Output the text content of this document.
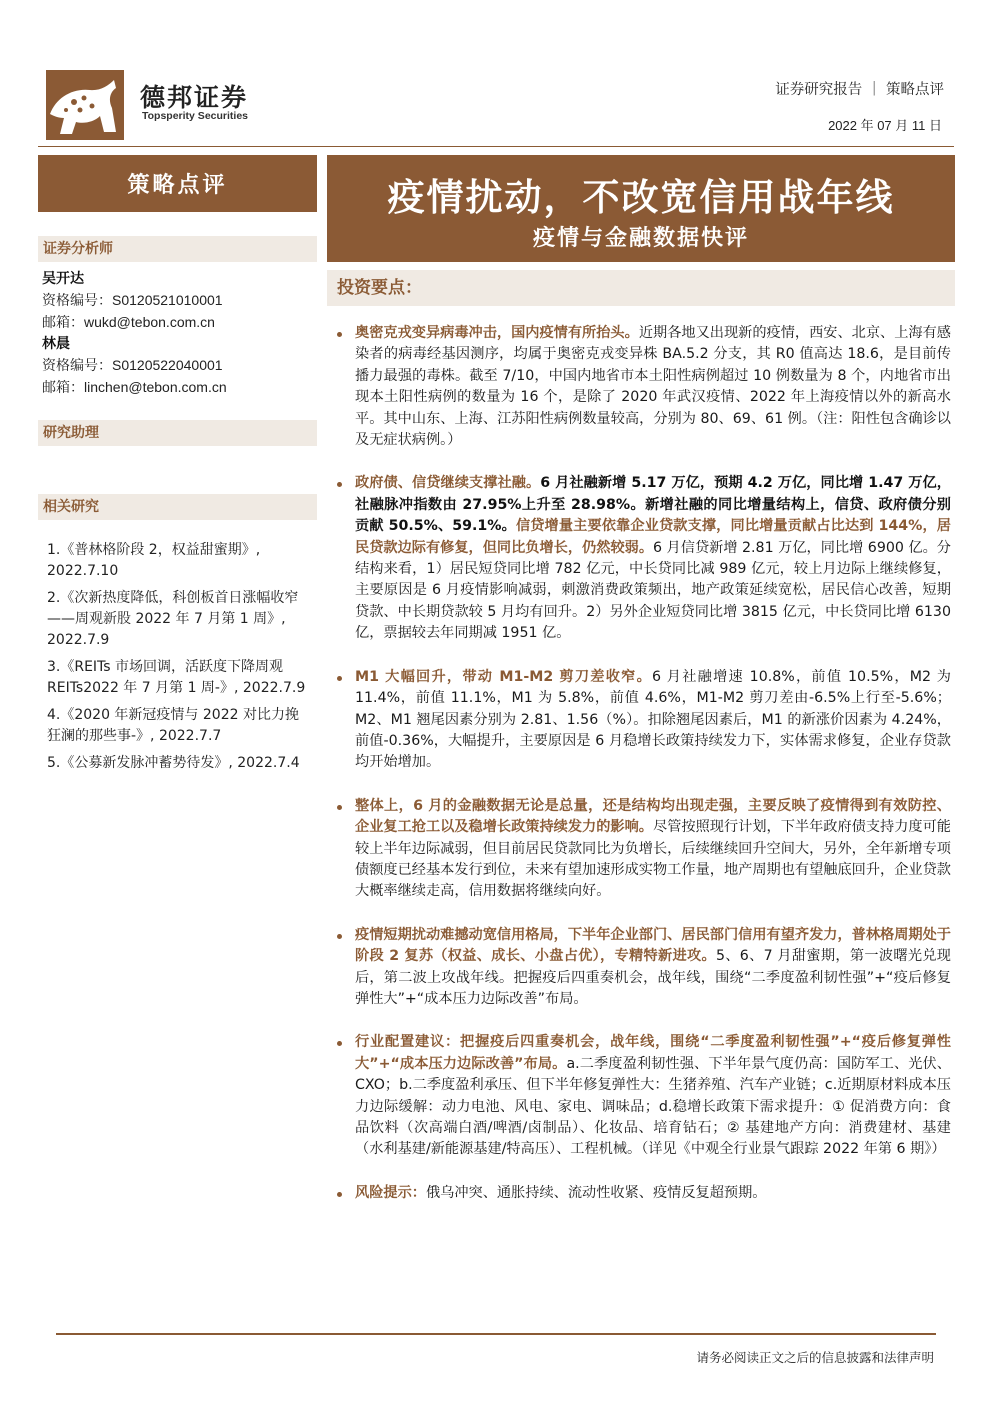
德邦证券
Topsperity Securities
证券研究报告 ｜ 策略点评
2022 年 07 月 11 日
策略点评
证券分析师
吴开达
资格编号：S0120521010001
邮箱：wukd@tebon.com.cn
林晨
资格编号：S0120522040001
邮箱：linchen@tebon.com.cn
研究助理
相关研究
1.《普林格阶段 2，权益甜蜜期》, 2022.7.10
2.《次新热度降低，科创板首日涨幅收窄——周观新股 2022 年 7 月第 1 周》, 2022.7.9
3.《REITs 市场回调，活跃度下降周观 REITs2022 年 7 月第 1 周-》, 2022.7.9
4.《2020 年新冠疫情与 2022 对比力挽狂澜的那些事-》, 2022.7.7
5.《公募新发脉冲蓄势待发》, 2022.7.4
疫情扰动，不改宽信用战年线
疫情与金融数据快评
投资要点：
奥密克戎变异病毒冲击，国内疫情有所抬头。近期各地又出现新的疫情，西安、北京、上海有感染者的病毒经基因测序，均属于奥密克戎变异株 BA.5.2 分支，其 R0 值高达 18.6，是目前传播力最强的毒株。截至 7/10，中国内地省市本土阳性病例超过 10 例数量为 8 个，内地省市出现本土阳性病例的数量为 16 个，是除了 2020 年武汉疫情、2022 年上海疫情以外的新高水平。其中山东、上海、江苏阳性病例数量较高，分别为 80、69、61 例。（注：阳性包含确诊以及无症状病例。）
政府债、信贷继续支撑社融。6 月社融新增 5.17 万亿，预期 4.2 万亿，同比增 1.47 万亿，社融脉冲指数由 27.95%上升至 28.98%。新增社融的同比增量结构上，信贷、政府债分别贡献 50.5%、59.1%。信贷增量主要依靠企业贷款支撑，同比增量贡献占比达到 144%，居民贷款边际有修复，但同比负增长，仍然较弱。6 月信贷新增 2.81 万亿，同比增 6900 亿。分结构来看，1）居民短贷同比增 782 亿元，中长贷同比减 989 亿元，较上月边际上继续修复，主要原因是 6 月疫情影响减弱，刺激消费政策频出，地产政策延续宽松，居民信心改善，短期贷款、中长期贷款较 5 月均有回升。2）另外企业短贷同比增 3815 亿元，中长贷同比增 6130 亿，票据较去年同期减 1951 亿。
M1 大幅回升，带动 M1-M2 剪刀差收窄。6 月社融增速 10.8%，前值 10.5%，M2 为 11.4%，前值 11.1%，M1 为 5.8%，前值 4.6%，M1-M2 剪刀差由-6.5%上行至-5.6%；M2、M1 翘尾因素分别为 2.81、1.56（%）。扣除翘尾因素后，M1 的新涨价因素为 4.24%，前值-0.36%，大幅提升，主要原因是 6 月稳增长政策持续发力下，实体需求修复，企业存贷款均开始增加。
整体上，6 月的金融数据无论是总量，还是结构均出现走强，主要反映了疫情得到有效防控、企业复工抢工以及稳增长政策持续发力的影响。尽管按照现行计划，下半年政府债支持力度可能较上半年边际减弱，但目前居民贷款同比为负增长，后续继续回升空间大，另外，全年新增专项债额度已经基本发行到位，未来有望加速形成实物工作量，地产周期也有望触底回升，企业贷款大概率继续走高，信用数据将继续向好。
疫情短期扰动难撼动宽信用格局，下半年企业部门、居民部门信用有望齐发力，普林格周期处于阶段 2 复苏（权益、成长、小盘占优），专精特新进攻。5、6、7 月甜蜜期，第一波曙光兑现后，第二波上攻战年线。把握疫后四重奏机会，战年线，围绕“二季度盈利韧性强”+“疫后修复弹性大”+“成本压力边际改善”布局。
行业配置建议：把握疫后四重奏机会，战年线，围绕“二季度盈利韧性强”+“疫后修复弹性大”+“成本压力边际改善”布局。a.二季度盈利韧性强、下半年景气度仍高：国防军工、光伏、CXO；b.二季度盈利承压、但下半年修复弹性大：生猪养殖、汽车产业链；c.近期原材料成本压力边际缓解：动力电池、风电、家电、调味品；d.稳增长政策下需求提升：① 促消费方向：食品饮料（次高端白酒/啤酒/卤制品）、化妆品、培育钻石；② 基建地产方向：消费建材、基建（水利基建/新能源基建/特高压）、工程机械。（详见《中观全行业景气跟踪 2022 年第 6 期》）
风险提示：俄乌冲突、通胀持续、流动性收紧、疫情反复超预期。
请务必阅读正文之后的信息披露和法律声明
